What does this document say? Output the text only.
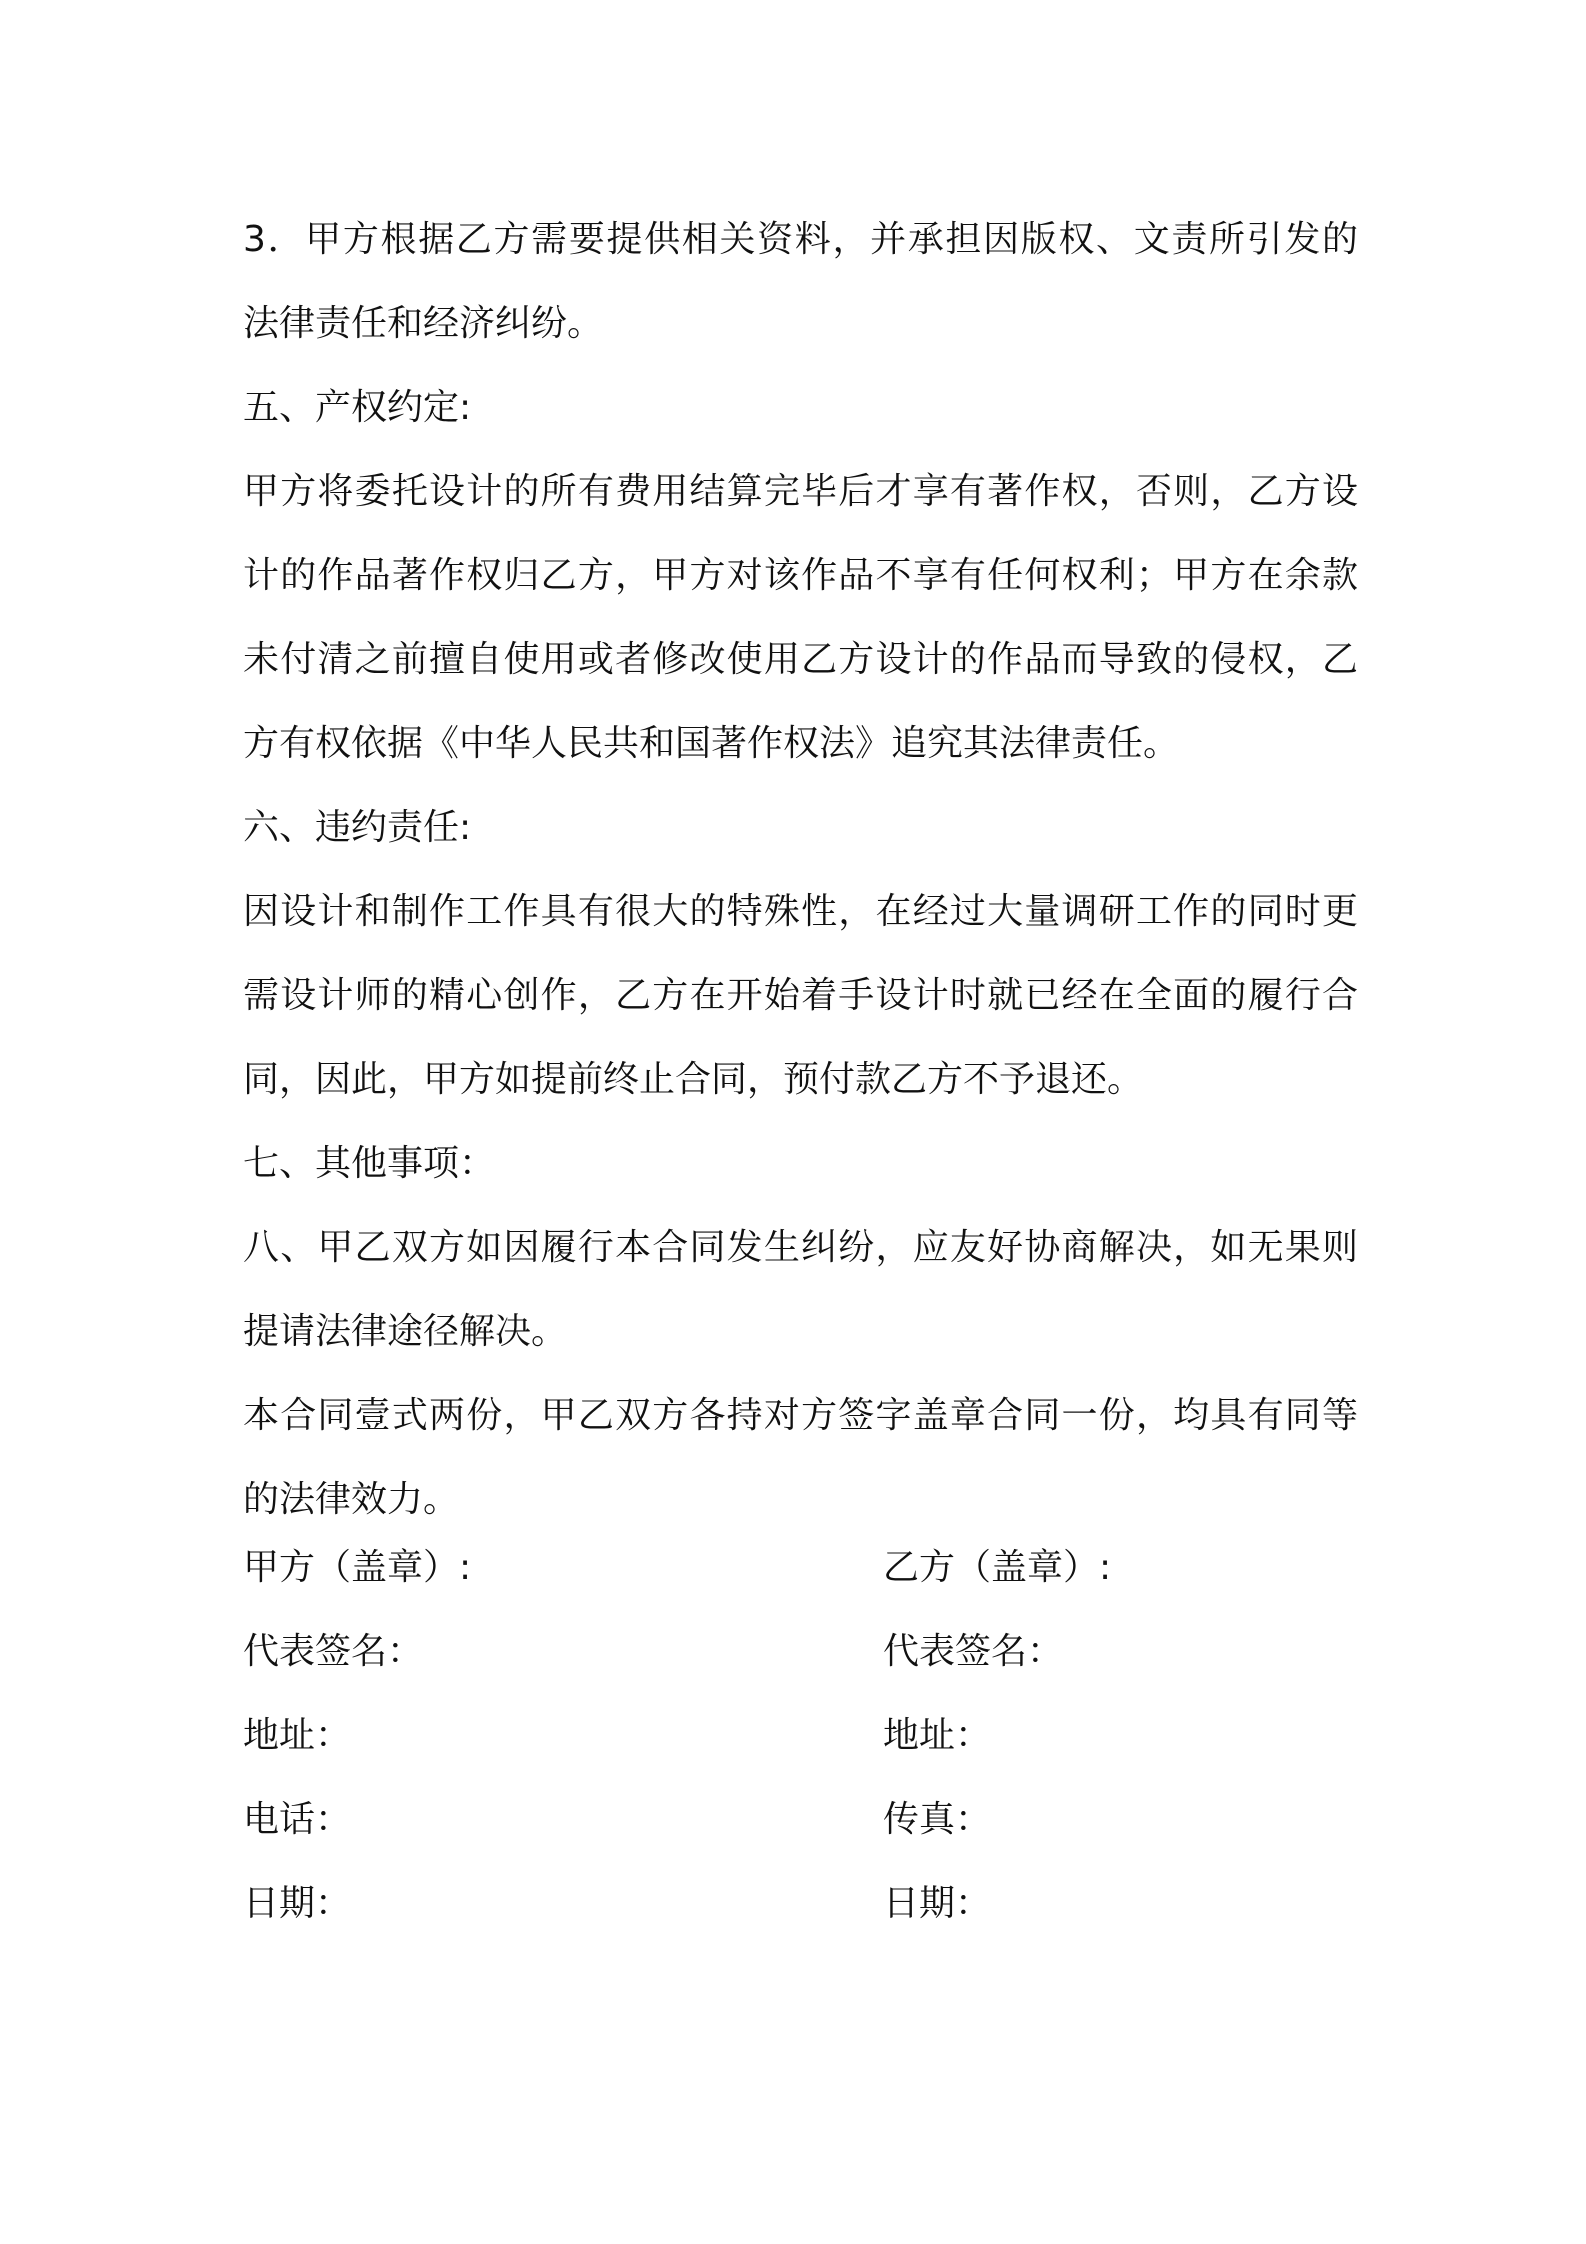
3．甲方根据乙方需要提供相关资料，并承担因版权、文责所引发的
法律责任和经济纠纷。
五、产权约定:
甲方将委托设计的所有费用结算完毕后才享有著作权，否则，乙方设
计的作品著作权归乙方，甲方对该作品不享有任何权利；甲方在余款
未付清之前擅自使用或者修改使用乙方设计的作品而导致的侵权，乙
方有权依据《中华人民共和国著作权法》追究其法律责任。
六、违约责任:
因设计和制作工作具有很大的特殊性，在经过大量调研工作的同时更
需设计师的精心创作，乙方在开始着手设计时就已经在全面的履行合
同，因此，甲方如提前终止合同，预付款乙方不予退还。
七、其他事项：
八、甲乙双方如因履行本合同发生纠纷，应友好协商解决，如无果则
提请法律途径解决。
本合同壹式两份，甲乙双方各持对方签字盖章合同一份，均具有同等
的法律效力。
甲方（盖章）:	乙方（盖章）:
代表签名：	代表签名：
地址：	地址：
电话：	传真：
日期：	日期：
